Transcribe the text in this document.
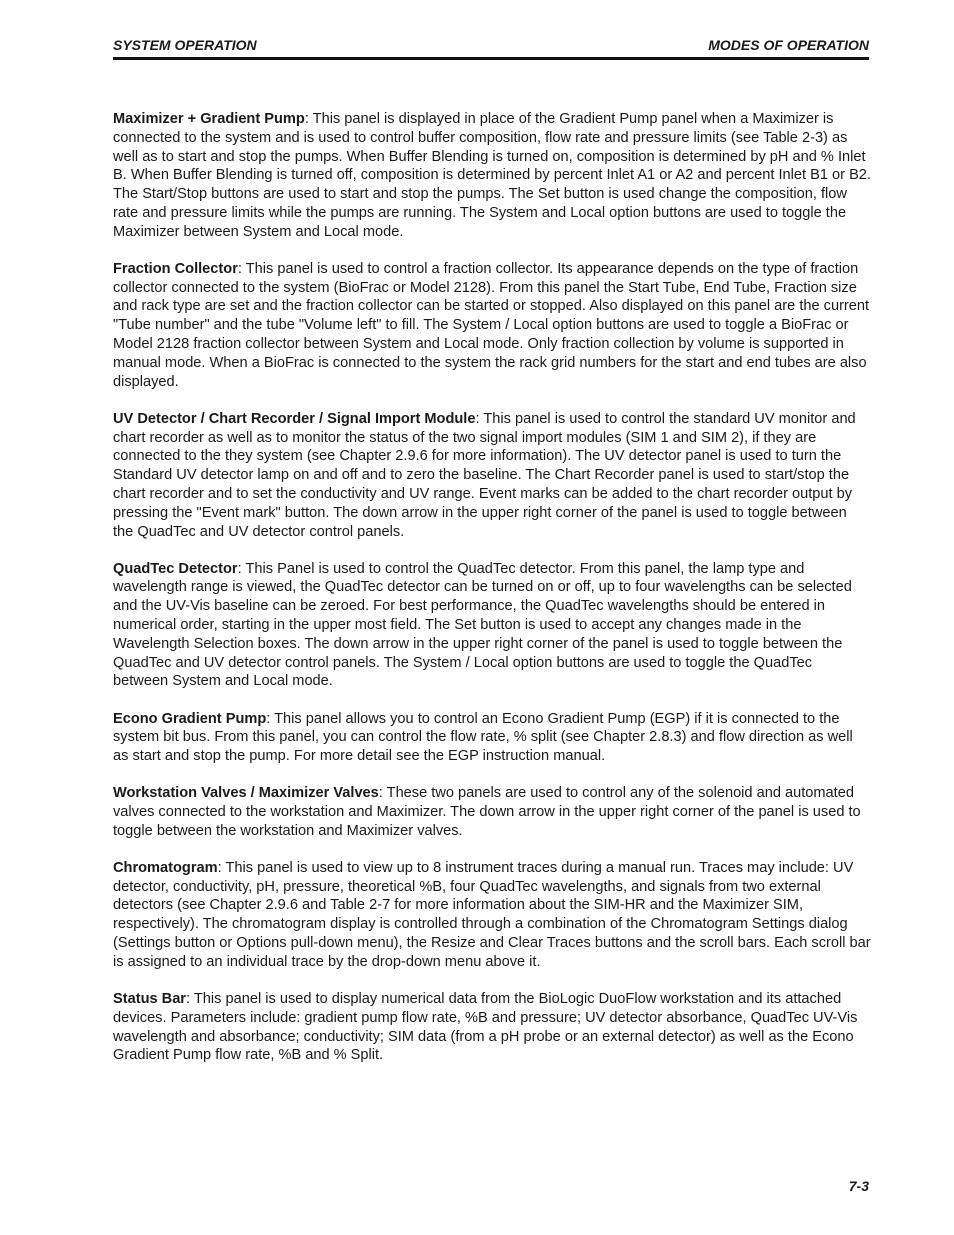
SYSTEM OPERATION	MODES OF OPERATION

Maximizer + Gradient Pump: This panel is displayed in place of the Gradient Pump panel when a Maximizer is connected to the system and is used to control buffer composition, flow rate and pressure limits (see Table 2-3) as well as to start and stop the pumps. When Buffer Blending is turned on, composition is determined by pH and % Inlet B. When Buffer Blending is turned off, composition is determined by percent Inlet A1 or A2 and percent Inlet B1 or B2. The Start/Stop buttons are used to start and stop the pumps. The Set button is used change the composition, flow rate and pressure limits while the pumps are running. The System and Local option buttons are used to toggle the Maximizer between System and Local mode.

Fraction Collector: This panel is used to control a fraction collector. Its appearance depends on the type of fraction collector connected to the system (BioFrac or Model 2128). From this panel the Start Tube, End Tube, Fraction size and rack type are set and the fraction collector can be started or stopped. Also displayed on this panel are the current "Tube number" and the tube "Volume left" to fill. The System / Local option buttons are used to toggle a BioFrac or Model 2128 fraction collector between System and Local mode. Only fraction collection by volume is supported in manual mode. When a BioFrac is connected to the system the rack grid numbers for the start and end tubes are also displayed.

UV Detector / Chart Recorder / Signal Import Module: This panel is used to control the standard UV monitor and chart recorder as well as to monitor the status of the two signal import modules (SIM 1 and SIM 2), if they are connected to the they system (see Chapter 2.9.6 for more information). The UV detector panel is used to turn the Standard UV detector lamp on and off and to zero the baseline. The Chart Recorder panel is used to start/stop the chart recorder and to set the conductivity and UV range. Event marks can be added to the chart recorder output by pressing the "Event mark" button. The down arrow in the upper right corner of the panel is used to toggle between the QuadTec and UV detector control panels.

QuadTec Detector: This Panel is used to control the QuadTec detector. From this panel, the lamp type and wavelength range is viewed, the QuadTec detector can be turned on or off, up to four wavelengths can be selected and the UV-Vis baseline can be zeroed. For best performance, the QuadTec wavelengths should be entered in numerical order, starting in the upper most field. The Set button is used to accept any changes made in the Wavelength Selection boxes. The down arrow in the upper right corner of the panel is used to toggle between the QuadTec and UV detector control panels. The System / Local option buttons are used to toggle the QuadTec between System and Local mode.

Econo Gradient Pump: This panel allows you to control an Econo Gradient Pump (EGP) if it is connected to the system bit bus. From this panel, you can control the flow rate, % split (see Chapter 2.8.3) and flow direction as well as start and stop the pump. For more detail see the EGP instruction manual.

Workstation Valves / Maximizer Valves: These two panels are used to control any of the solenoid and automated valves connected to the workstation and Maximizer. The down arrow in the upper right corner of the panel is used to toggle between the workstation and Maximizer valves.

Chromatogram: This panel is used to view up to 8 instrument traces during a manual run. Traces may include: UV detector, conductivity, pH, pressure, theoretical %B, four QuadTec wavelengths, and signals from two external detectors (see Chapter 2.9.6 and Table 2-7 for more information about the SIM-HR and the Maximizer SIM, respectively). The chromatogram display is controlled through a combination of the Chromatogram Settings dialog (Settings button or Options pull-down menu), the Resize and Clear Traces buttons and the scroll bars. Each scroll bar is assigned to an individual trace by the drop-down menu above it.

Status Bar: This panel is used to display numerical data from the BioLogic DuoFlow workstation and its attached devices. Parameters include: gradient pump flow rate, %B and pressure; UV detector absorbance, QuadTec UV-Vis wavelength and absorbance; conductivity; SIM data (from a pH probe or an external detector) as well as the Econo Gradient Pump flow rate, %B and % Split.

7-3
